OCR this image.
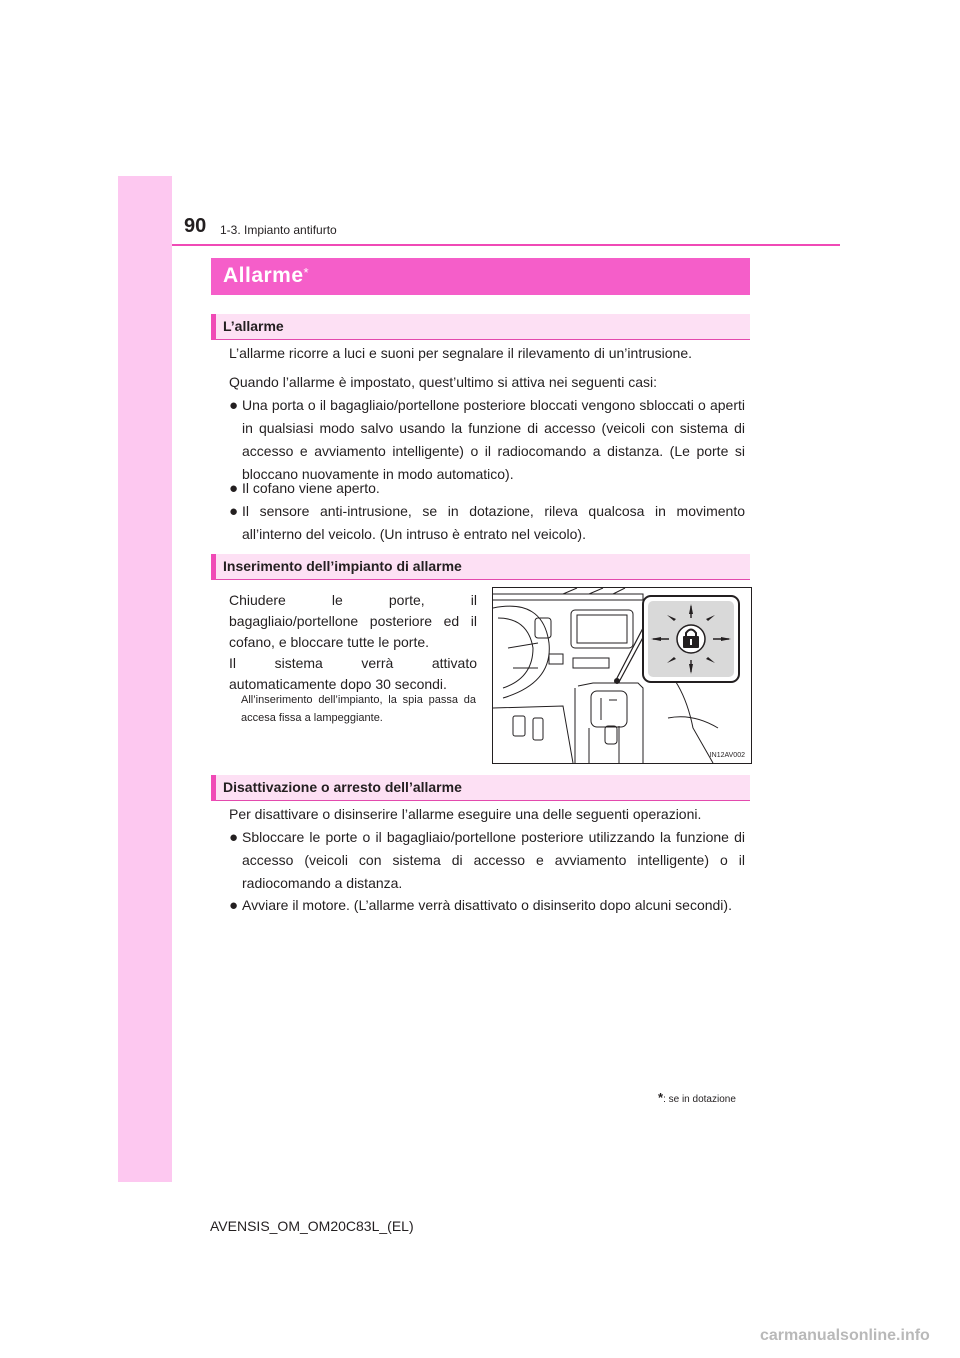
90 1-3. Impianto antifurto
Allarme *
L’allarme
L’allarme ricorre a luci e suoni per segnalare il rilevamento di un’intrusione.
Quando l’allarme è impostato, quest’ultimo si attiva nei seguenti casi:
● Una porta o il bagagliaio/portellone posteriore bloccati vengono sbloccati o aperti in qualsiasi modo salvo usando la funzione di accesso (veicoli con sistema di accesso e avviamento intelligente) o il radiocomando a distanza. (Le porte si bloccano nuovamente in modo automatico).
● Il cofano viene aperto.
● Il sensore anti-intrusione, se in dotazione, rileva qualcosa in movimento all’interno del veicolo. (Un intruso è entrato nel veicolo).
Inserimento dell’impianto di allarme
Chiudere le porte, il bagagliaio/portellone posteriore ed il cofano, e bloccare tutte le porte.
Il sistema verrà attivato automaticamente dopo 30 secondi.
All’inserimento dell’impianto, la spia passa da accesa fissa a lampeggiante.
IN12AV002
Disattivazione o arresto dell’allarme
Per disattivare o disinserire l’allarme eseguire una delle seguenti operazioni.
● Sbloccare le porte o il bagagliaio/portellone posteriore utilizzando la funzione di accesso (veicoli con sistema di accesso e avviamento intelligente) o il radiocomando a distanza.
● Avviare il motore. (L’allarme verrà disattivato o disinserito dopo alcuni secondi).
*: se in dotazione
AVENSIS_OM_OM20C83L_(EL)
carmanualsonline.info
